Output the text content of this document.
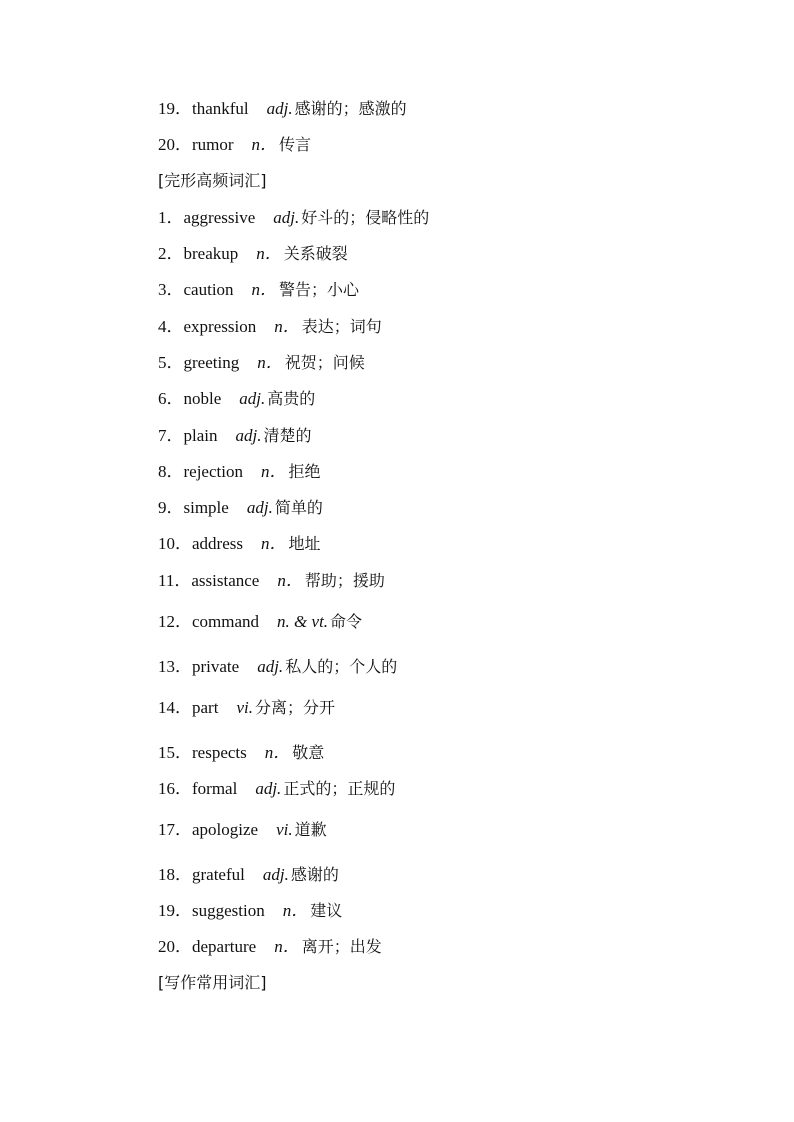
19．thankful adj. 感谢的；感激的
20．rumor n． 传言
[完形高频词汇]
1．aggressive adj. 好斗的；侵略性的
2．breakup n． 关系破裂
3．caution n． 警告；小心
4．expression n． 表达；词句
5．greeting n． 祝贺；问候
6．noble adj. 高贵的
7．plain adj. 清楚的
8．rejection n． 拒绝
9．simple adj. 简单的
10．address n． 地址
11．assistance n． 帮助；援助
12．command n. & vt. 命令
13．private adj. 私人的；个人的
14．part vi. 分离；分开
15．respects n． 敬意
16．formal adj. 正式的；正规的
17．apologize vi. 道歉
18．grateful adj. 感谢的
19．suggestion n． 建议
20．departure n． 离开；出发
[写作常用词汇]
